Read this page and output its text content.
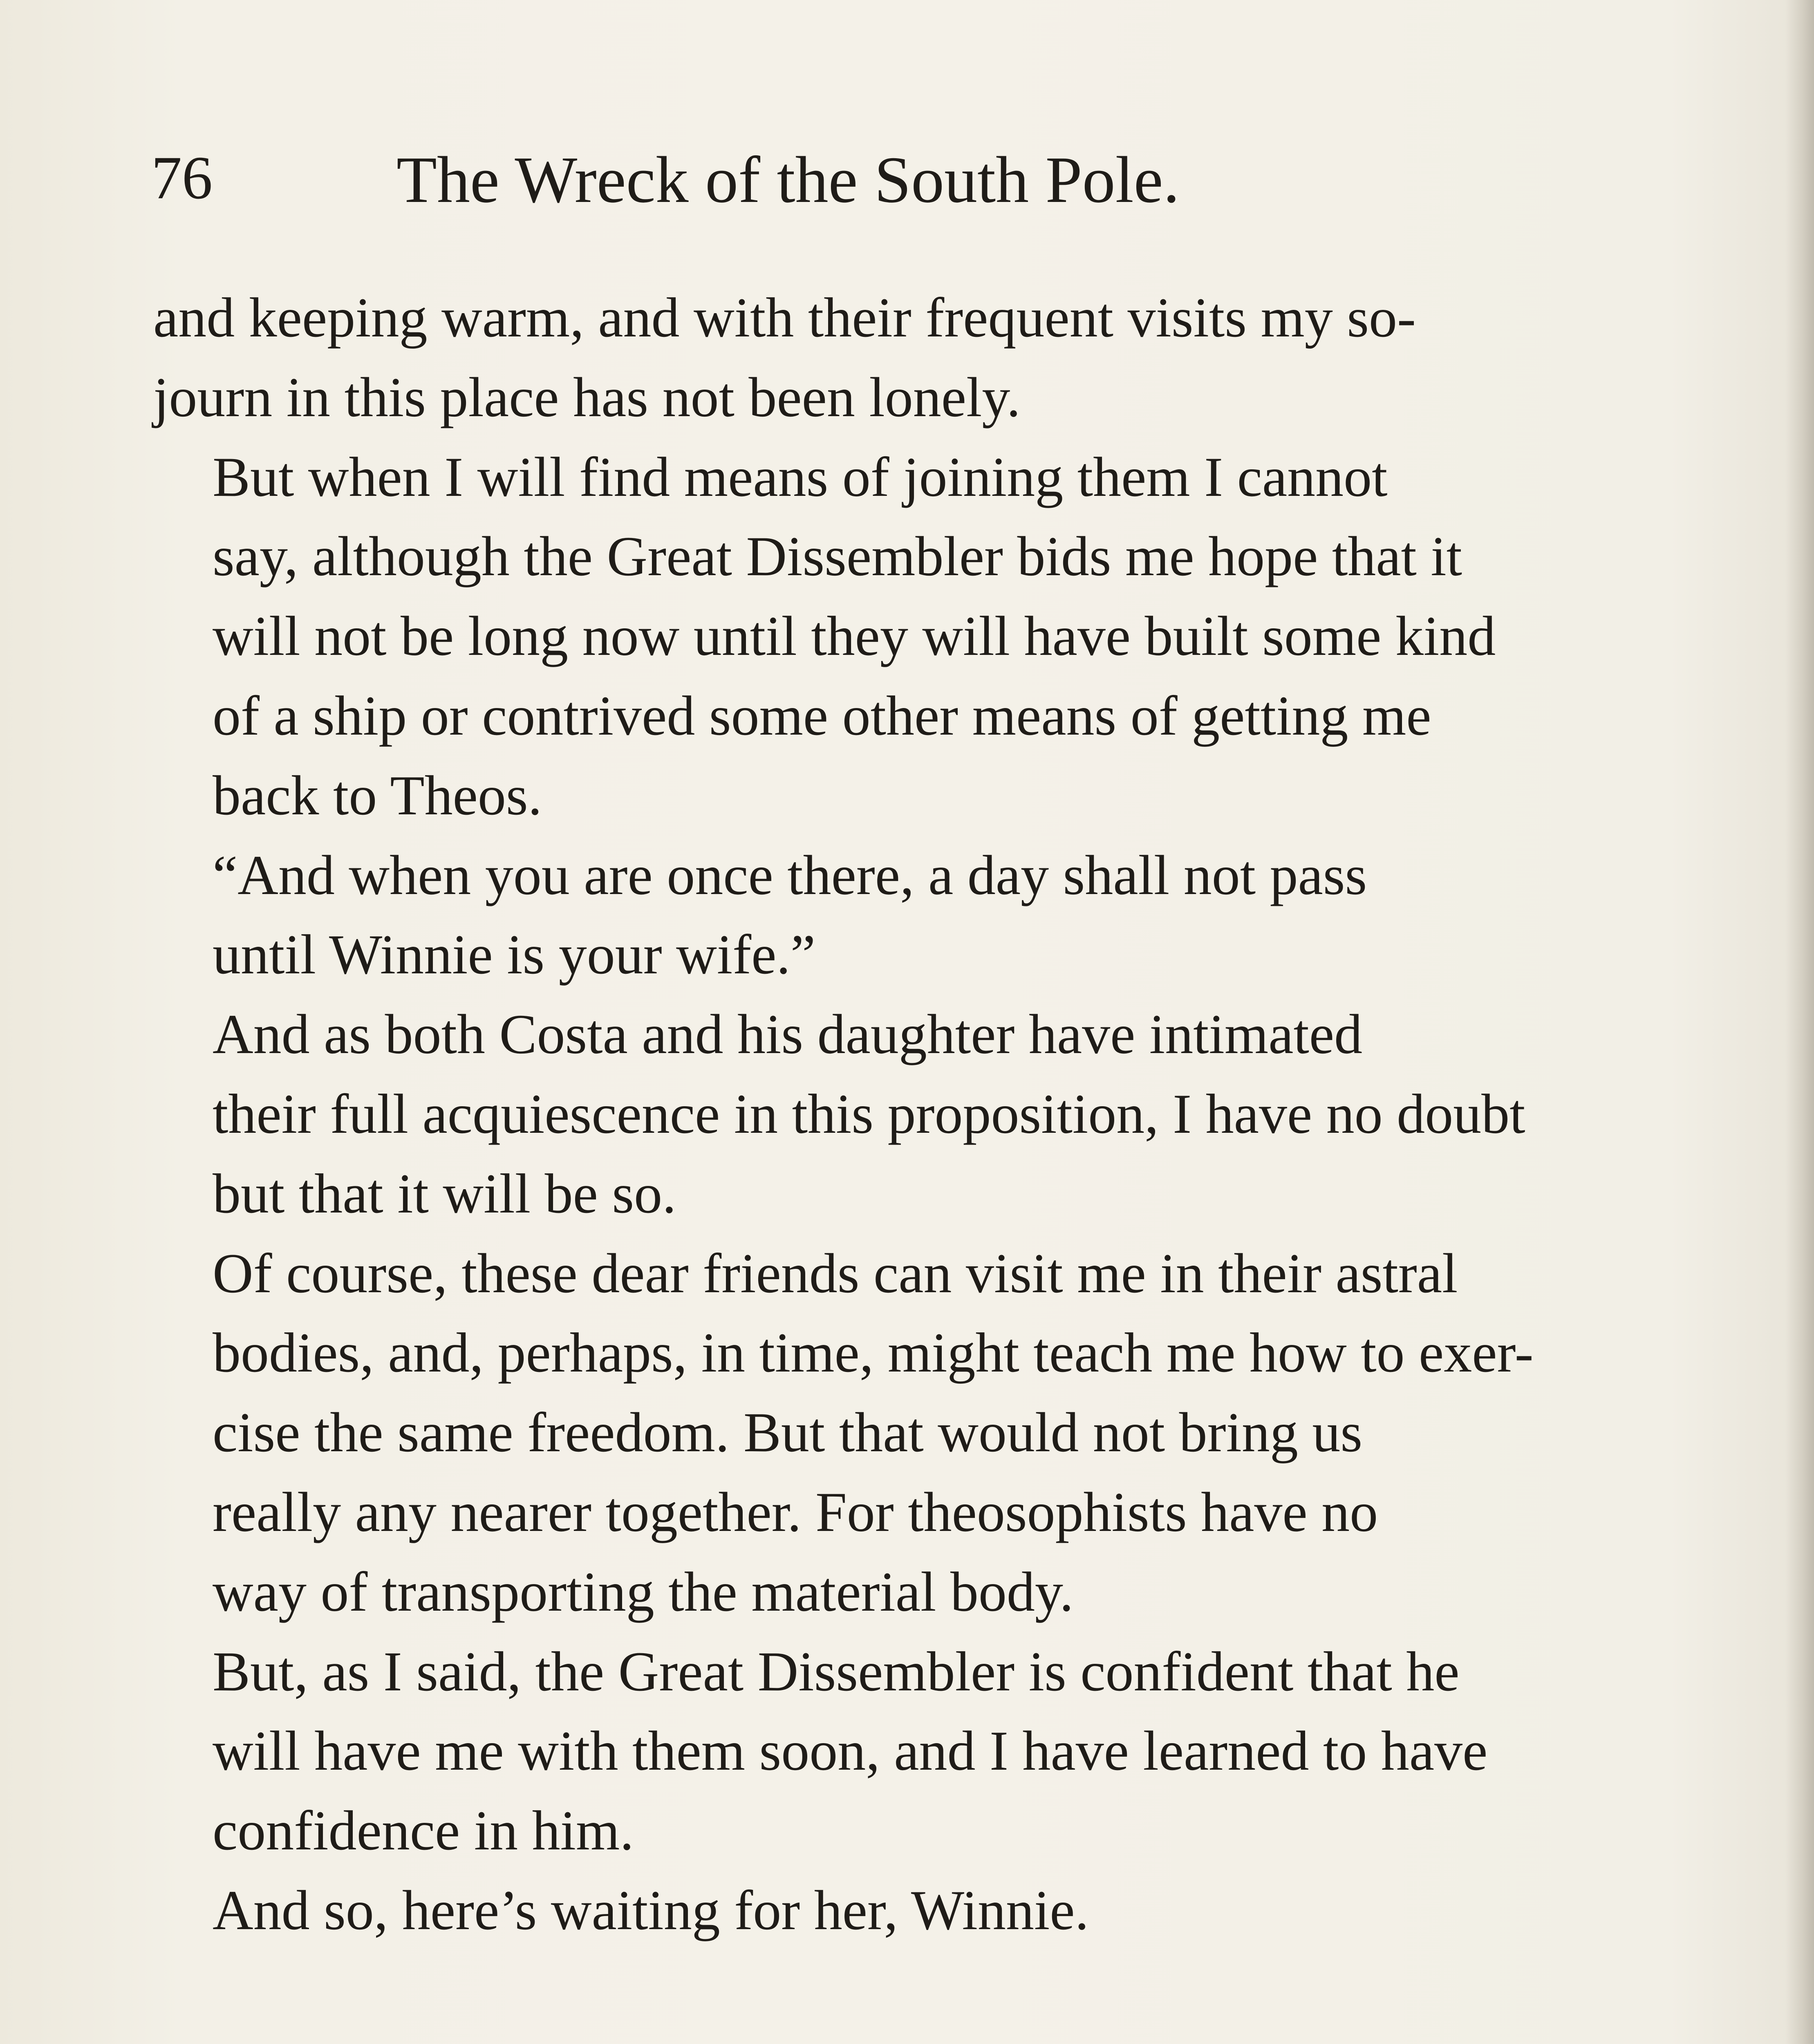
76	The Wreck of the South Pole.
and keeping warm, and with their frequent visits my so-
journ in this place has not been lonely.
But when I will find means of joining them I cannot
say, although the Great Dissembler bids me hope that it
will not be long now until they will have built some kind
of a ship or contrived some other means of getting me
back to Theos.
“And when you are once there, a day shall not pass
until Winnie is your wife.”
And as both Costa and his daughter have intimated
their full acquiescence in this proposition, I have no doubt
but that it will be so.
Of course, these dear friends can visit me in their astral
bodies, and, perhaps, in time, might teach me how to exer-
cise the same freedom. But that would not bring us
really any nearer together. For theosophists have no
way of transporting the material body.
But, as I said, the Great Dissembler is confident that he
will have me with them soon, and I have learned to have
confidence in him.
And so, here’s waiting for her, Winnie.
